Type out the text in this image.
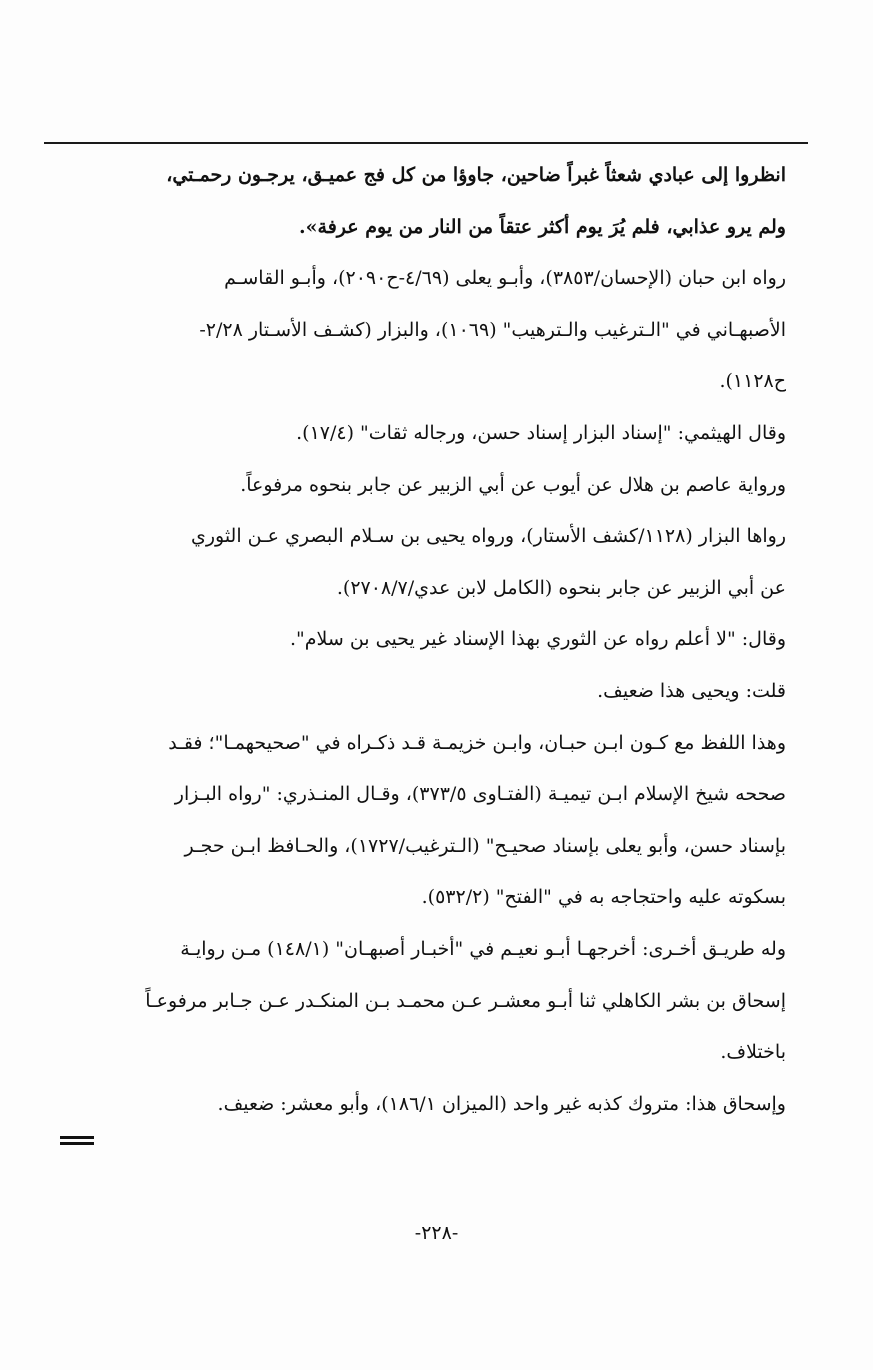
انظروا إلى عبادي شعثاً غبراً ضاحين، جاوؤا من كل فج عميـق، يرجـون رحمـتي،
ولم يرو عذابي، فلم يُرَ يوم أكثر عتقاً من النار من يوم عرفة».
رواه ابن حبان (الإحسان/٣٨٥٣)، وأبـو يعلى (٤/٦٩-ح٢٠٩٠)، وأبـو القاسـم
الأصبهـاني في "الـترغيب والـترهيب" (١٠٦٩)، والبزار (كشـف الأسـتار ٢/٢٨-
ح١١٢٨).
وقال الهيثمي: "إسناد البزار إسناد حسن، ورجاله ثقات" (١٧/٤).
ورواية عاصم بن هلال عن أيوب عن أبي الزبير عن جابر بنحوه مرفوعاً.
رواها البزار (١١٢٨/كشف الأستار)، ورواه يحيى بن سـلام البصري عـن الثوري
عن أبي الزبير عن جابر بنحوه (الكامل لابن عدي/٢٧٠٨/٧).
وقال: "لا أعلم رواه عن الثوري بهذا الإسناد غير يحيى بن سلام".
قلت: ويحيى هذا ضعيف.
وهذا اللفظ مع كـون ابـن حبـان، وابـن خزيمـة قـد ذكـراه في "صحيحهمـا"؛ فقـد
صححه شيخ الإسلام ابـن تيميـة (الفتـاوى ٣٧٣/٥)، وقـال المنـذري: "رواه البـزار
بإسناد حسن، وأبو يعلى بإسناد صحيـح" (الـترغيب/١٧٢٧)، والحـافظ ابـن حجـر
بسكوته عليه واحتجاجه به في "الفتح" (٥٣٢/٢).
وله طريـق أخـرى: أخرجهـا أبـو نعيـم في "أخبـار أصبهـان" (١٤٨/١) مـن روايـة
إسحاق بن بشر الكاهلي ثنا أبـو معشـر عـن محمـد بـن المنكـدر عـن جـابر مرفوعـاً
باختلاف.
وإسحاق هذا: متروك كذبه غير واحد (الميزان ١٨٦/١)، وأبو معشر: ضعيف.
-٢٢٨-
